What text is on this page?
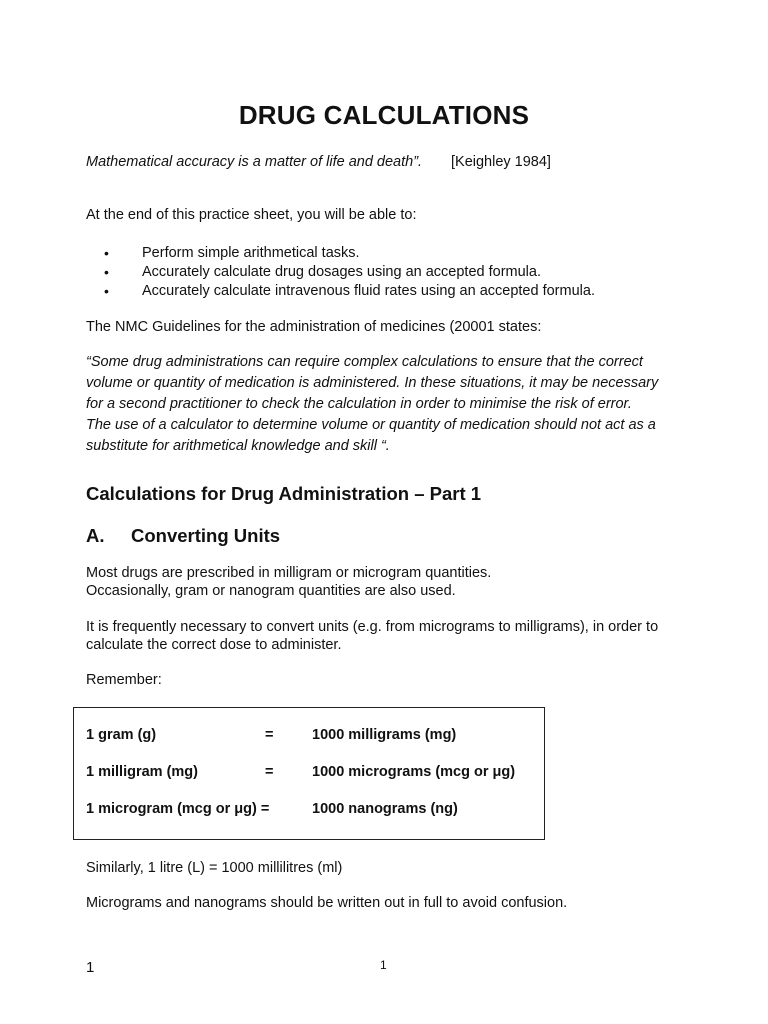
DRUG CALCULATIONS
Mathematical accuracy is a matter of life and death”. [Keighley 1984]
At the end of this practice sheet, you will be able to:
• Perform simple arithmetical tasks.
• Accurately calculate drug dosages using an accepted formula.
• Accurately calculate intravenous fluid rates using an accepted formula.
The NMC Guidelines for the administration of medicines (20001 states:
“Some drug administrations can require complex calculations to ensure that the correct
volume or quantity of medication is administered. In these situations, it may be necessary
for a second practitioner to check the calculation in order to minimise the risk of error.
The use of a calculator to determine volume or quantity of medication should not act as a
substitute for arithmetical knowledge and skill “.
Calculations for Drug Administration – Part 1
A. Converting Units
Most drugs are prescribed in milligram or microgram quantities.
Occasionally, gram or nanogram quantities are also used.
It is frequently necessary to convert units (e.g. from micrograms to milligrams), in order to
calculate the correct dose to administer.
Remember:
1 gram (g)	=	1000 milligrams (mg)
1 milligram (mg)	=	1000 micrograms (mcg or μg)
1 microgram (mcg or μg) =	1000 nanograms (ng)
Similarly, 1 litre (L) = 1000 millilitres (ml)
Micrograms and nanograms should be written out in full to avoid confusion.
1	1
